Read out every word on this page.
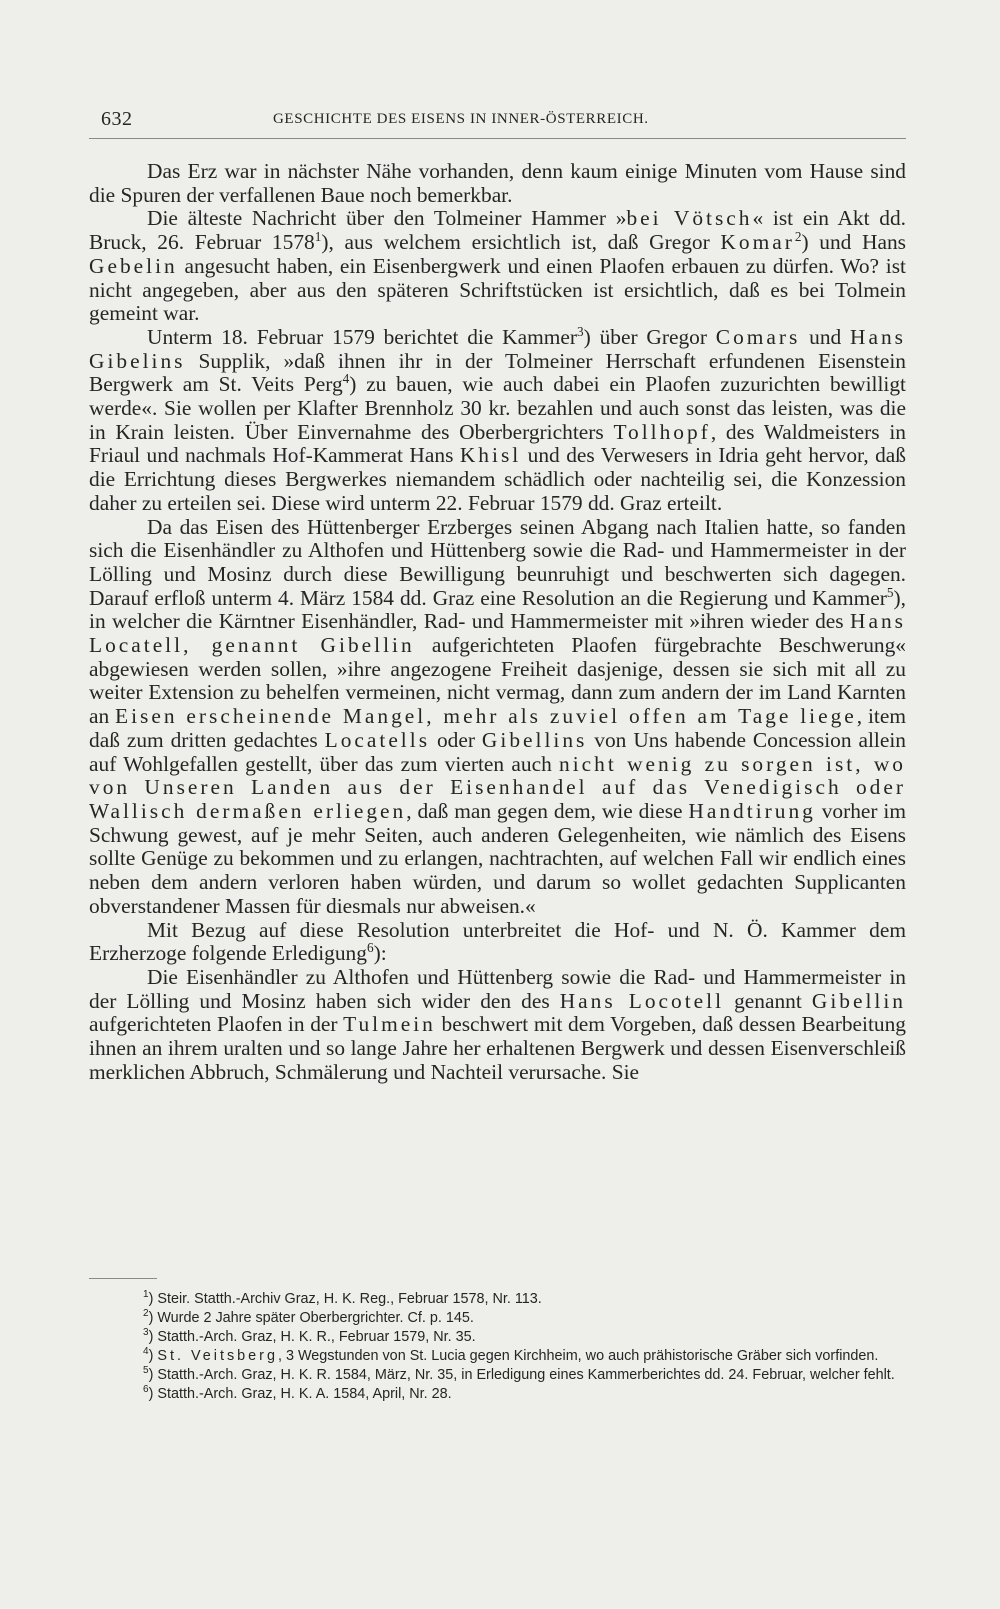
632	GESCHICHTE DES EISENS IN INNER-ÖSTERREICH.

Das Erz war in nächster Nähe vorhanden, denn kaum einige Minuten vom Hause sind die Spuren der verfallenen Baue noch bemerkbar.

Die älteste Nachricht über den Tolmeiner Hammer »bei Vötsch« ist ein Akt dd. Bruck, 26. Februar 1578$^1$), aus welchem ersichtlich ist, daß Gregor Komar$^2$) und Hans Gebelin angesucht haben, ein Eisenbergwerk und einen Plaofen erbauen zu dürfen. Wo? ist nicht angegeben, aber aus den späteren Schriftstücken ist ersichtlich, daß es bei Tolmein gemeint war.

Unterm 18. Februar 1579 berichtet die Kammer$^3$) über Gregor Comars und Hans Gibelins Supplik, »daß ihnen ihr in der Tolmeiner Herrschaft erfundenen Eisenstein Bergwerk am St. Veits Perg$^4$) zu bauen, wie auch dabei ein Plaofen zuzurichten bewilligt werde«. Sie wollen per Klafter Brennholz 30 kr. bezahlen und auch sonst das leisten, was die in Krain leisten. Über Einvernahme des Oberbergrichters Tollhopf, des Waldmeisters in Friaul und nachmals Hof-Kammerat Hans Khisl und des Verwesers in Idria geht hervor, daß die Errichtung dieses Bergwerkes niemandem schädlich oder nachteilig sei, die Konzession daher zu erteilen sei. Diese wird unterm 22. Februar 1579 dd. Graz erteilt.

Da das Eisen des Hüttenberger Erzberges seinen Abgang nach Italien hatte, so fanden sich die Eisenhändler zu Althofen und Hüttenberg sowie die Rad- und Hammermeister in der Lölling und Mosinz durch diese Bewilligung beunruhigt und beschwerten sich dagegen. Darauf erfloß unterm 4. März 1584 dd. Graz eine Resolution an die Regierung und Kammer$^5$), in welcher die Kärntner Eisenhändler, Rad- und Hammermeister mit »ihren wieder des Hans Locatell, genannt Gibellin aufgerichteten Plaofen fürgebrachte Beschwerung« abgewiesen werden sollen, »ihre angezogene Freiheit dasjenige, dessen sie sich mit all zu weiter Extension zu behelfen vermeinen, nicht vermag, dann zum andern der im Land Karnten an Eisen erscheinende Mangel, mehr als zuviel offen am Tage liege, item daß zum dritten gedachtes Locatells oder Gibellins von Uns habende Concession allein auf Wohlgefallen gestellt, über das zum vierten auch nicht wenig zu sorgen ist, wo von Unseren Landen aus der Eisenhandel auf das Venedigisch oder Wallisch dermaßen erliegen, daß man gegen dem, wie diese Handtirung vorher im Schwung gewest, auf je mehr Seiten, auch anderen Gelegenheiten, wie nämlich des Eisens sollte Genüge zu bekommen und zu erlangen, nachtrachten, auf welchen Fall wir endlich eines neben dem andern verloren haben würden, und darum so wollet gedachten Supplicanten obverstandener Massen für diesmals nur abweisen.«

Mit Bezug auf diese Resolution unterbreitet die Hof- und N. Ö. Kammer dem Erzherzoge folgende Erledigung$^6$):

Die Eisenhändler zu Althofen und Hüttenberg sowie die Rad- und Hammermeister in der Lölling und Mosinz haben sich wider den des Hans Locotell genannt Gibellin aufgerichteten Plaofen in der Tulmein beschwert mit dem Vorgeben, daß dessen Bearbeitung ihnen an ihrem uralten und so lange Jahre her erhaltenen Bergwerk und dessen Eisenverschleiß merklichen Abbruch, Schmälerung und Nachteil verursache. Sie

$^1$) Steir. Statth.-Archiv Graz, H. K. Reg., Februar 1578, Nr. 113.

$^2$) Wurde 2 Jahre später Oberbergrichter. Cf. p. 145.

$^3$) Statth.-Arch. Graz, H. K. R., Februar 1579, Nr. 35.

$^4$) St. Veitsberg, 3 Wegstunden von St. Lucia gegen Kirchheim, wo auch prähistorische Gräber sich vorfinden.

$^5$) Statth.-Arch. Graz, H. K. R. 1584, März, Nr. 35, in Erledigung eines Kammerberichtes dd. 24. Februar, welcher fehlt.

$^6$) Statth.-Arch. Graz, H. K. A. 1584, April, Nr. 28.
